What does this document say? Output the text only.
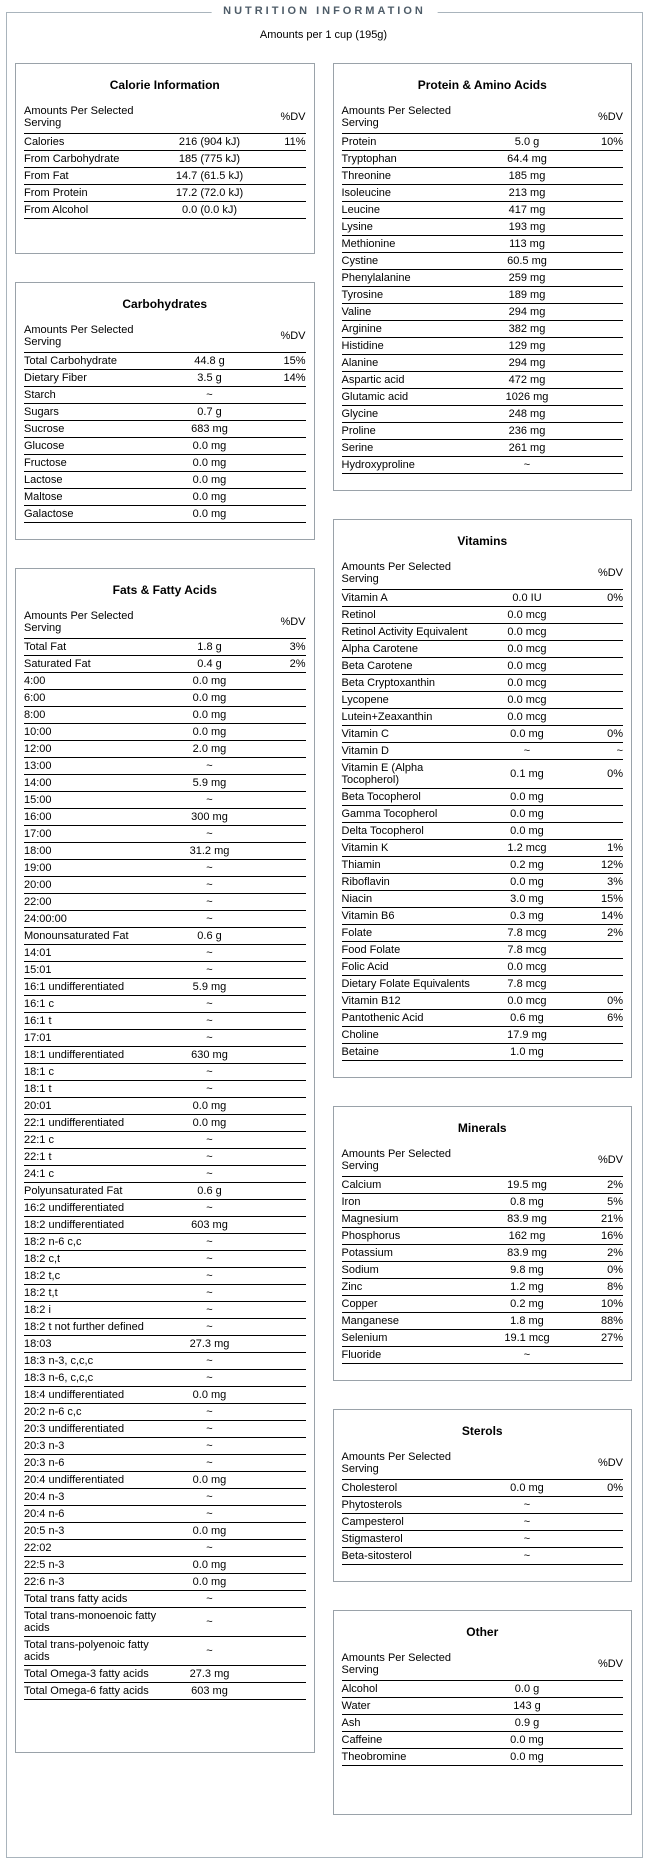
NUTRITION INFORMATION
Amounts per 1 cup (195g)
Calorie Information
Amounts Per Selected Serving		%DV
Calories	216 (904 kJ)	11%
From Carbohydrate	185 (775 kJ)	
From Fat	14.7 (61.5 kJ)	
From Protein	17.2 (72.0 kJ)	
From Alcohol	0.0 (0.0 kJ)	
Carbohydrates
Amounts Per Selected Serving		%DV
Total Carbohydrate	44.8 g	15%
Dietary Fiber	3.5 g	14%
Starch	~	
Sugars	0.7 g	
Sucrose	683 mg	
Glucose	0.0 mg	
Fructose	0.0 mg	
Lactose	0.0 mg	
Maltose	0.0 mg	
Galactose	0.0 mg	
Fats & Fatty Acids
Amounts Per Selected Serving		%DV
Total Fat	1.8 g	3%
Saturated Fat	0.4 g	2%
4:00	0.0 mg	
6:00	0.0 mg	
8:00	0.0 mg	
10:00	0.0 mg	
12:00	2.0 mg	
13:00	~	
14:00	5.9 mg	
15:00	~	
16:00	300 mg	
17:00	~	
18:00	31.2 mg	
19:00	~	
20:00	~	
22:00	~	
24:00:00	~	
Monounsaturated Fat	0.6 g	
14:01	~	
15:01	~	
16:1 undifferentiated	5.9 mg	
16:1 c	~	
16:1 t	~	
17:01	~	
18:1 undifferentiated	630 mg	
18:1 c	~	
18:1 t	~	
20:01	0.0 mg	
22:1 undifferentiated	0.0 mg	
22:1 c	~	
22:1 t	~	
24:1 c	~	
Polyunsaturated Fat	0.6 g	
16:2 undifferentiated	~	
18:2 undifferentiated	603 mg	
18:2 n-6 c,c	~	
18:2 c,t	~	
18:2 t,c	~	
18:2 t,t	~	
18:2 i	~	
18:2 t not further defined	~	
18:03	27.3 mg	
18:3 n-3, c,c,c	~	
18:3 n-6, c,c,c	~	
18:4 undifferentiated	0.0 mg	
20:2 n-6 c,c	~	
20:3 undifferentiated	~	
20:3 n-3	~	
20:3 n-6	~	
20:4 undifferentiated	0.0 mg	
20:4 n-3	~	
20:4 n-6	~	
20:5 n-3	0.0 mg	
22:02	~	
22:5 n-3	0.0 mg	
22:6 n-3	0.0 mg	
Total trans fatty acids	~	
Total trans-monoenoic fatty acids	~	
Total trans-polyenoic fatty acids	~	
Total Omega-3 fatty acids	27.3 mg	
Total Omega-6 fatty acids	603 mg	
Protein & Amino Acids
Amounts Per Selected Serving		%DV
Protein	5.0 g	10%
Tryptophan	64.4 mg	
Threonine	185 mg	
Isoleucine	213 mg	
Leucine	417 mg	
Lysine	193 mg	
Methionine	113 mg	
Cystine	60.5 mg	
Phenylalanine	259 mg	
Tyrosine	189 mg	
Valine	294 mg	
Arginine	382 mg	
Histidine	129 mg	
Alanine	294 mg	
Aspartic acid	472 mg	
Glutamic acid	1026 mg	
Glycine	248 mg	
Proline	236 mg	
Serine	261 mg	
Hydroxyproline	~	
Vitamins
Amounts Per Selected Serving		%DV
Vitamin A	0.0 IU	0%
Retinol	0.0 mcg	
Retinol Activity Equivalent	0.0 mcg	
Alpha Carotene	0.0 mcg	
Beta Carotene	0.0 mcg	
Beta Cryptoxanthin	0.0 mcg	
Lycopene	0.0 mcg	
Lutein+Zeaxanthin	0.0 mcg	
Vitamin C	0.0 mg	0%
Vitamin D	~	~
Vitamin E (Alpha Tocopherol)	0.1 mg	0%
Beta Tocopherol	0.0 mg	
Gamma Tocopherol	0.0 mg	
Delta Tocopherol	0.0 mg	
Vitamin K	1.2 mcg	1%
Thiamin	0.2 mg	12%
Riboflavin	0.0 mg	3%
Niacin	3.0 mg	15%
Vitamin B6	0.3 mg	14%
Folate	7.8 mcg	2%
Food Folate	7.8 mcg	
Folic Acid	0.0 mcg	
Dietary Folate Equivalents	7.8 mcg	
Vitamin B12	0.0 mcg	0%
Pantothenic Acid	0.6 mg	6%
Choline	17.9 mg	
Betaine	1.0 mg	
Minerals
Amounts Per Selected Serving		%DV
Calcium	19.5 mg	2%
Iron	0.8 mg	5%
Magnesium	83.9 mg	21%
Phosphorus	162 mg	16%
Potassium	83.9 mg	2%
Sodium	9.8 mg	0%
Zinc	1.2 mg	8%
Copper	0.2 mg	10%
Manganese	1.8 mg	88%
Selenium	19.1 mcg	27%
Fluoride	~	
Sterols
Amounts Per Selected Serving		%DV
Cholesterol	0.0 mg	0%
Phytosterols	~	
Campesterol	~	
Stigmasterol	~	
Beta-sitosterol	~	
Other
Amounts Per Selected Serving		%DV
Alcohol	0.0 g	
Water	143 g	
Ash	0.9 g	
Caffeine	0.0 mg	
Theobromine	0.0 mg	
